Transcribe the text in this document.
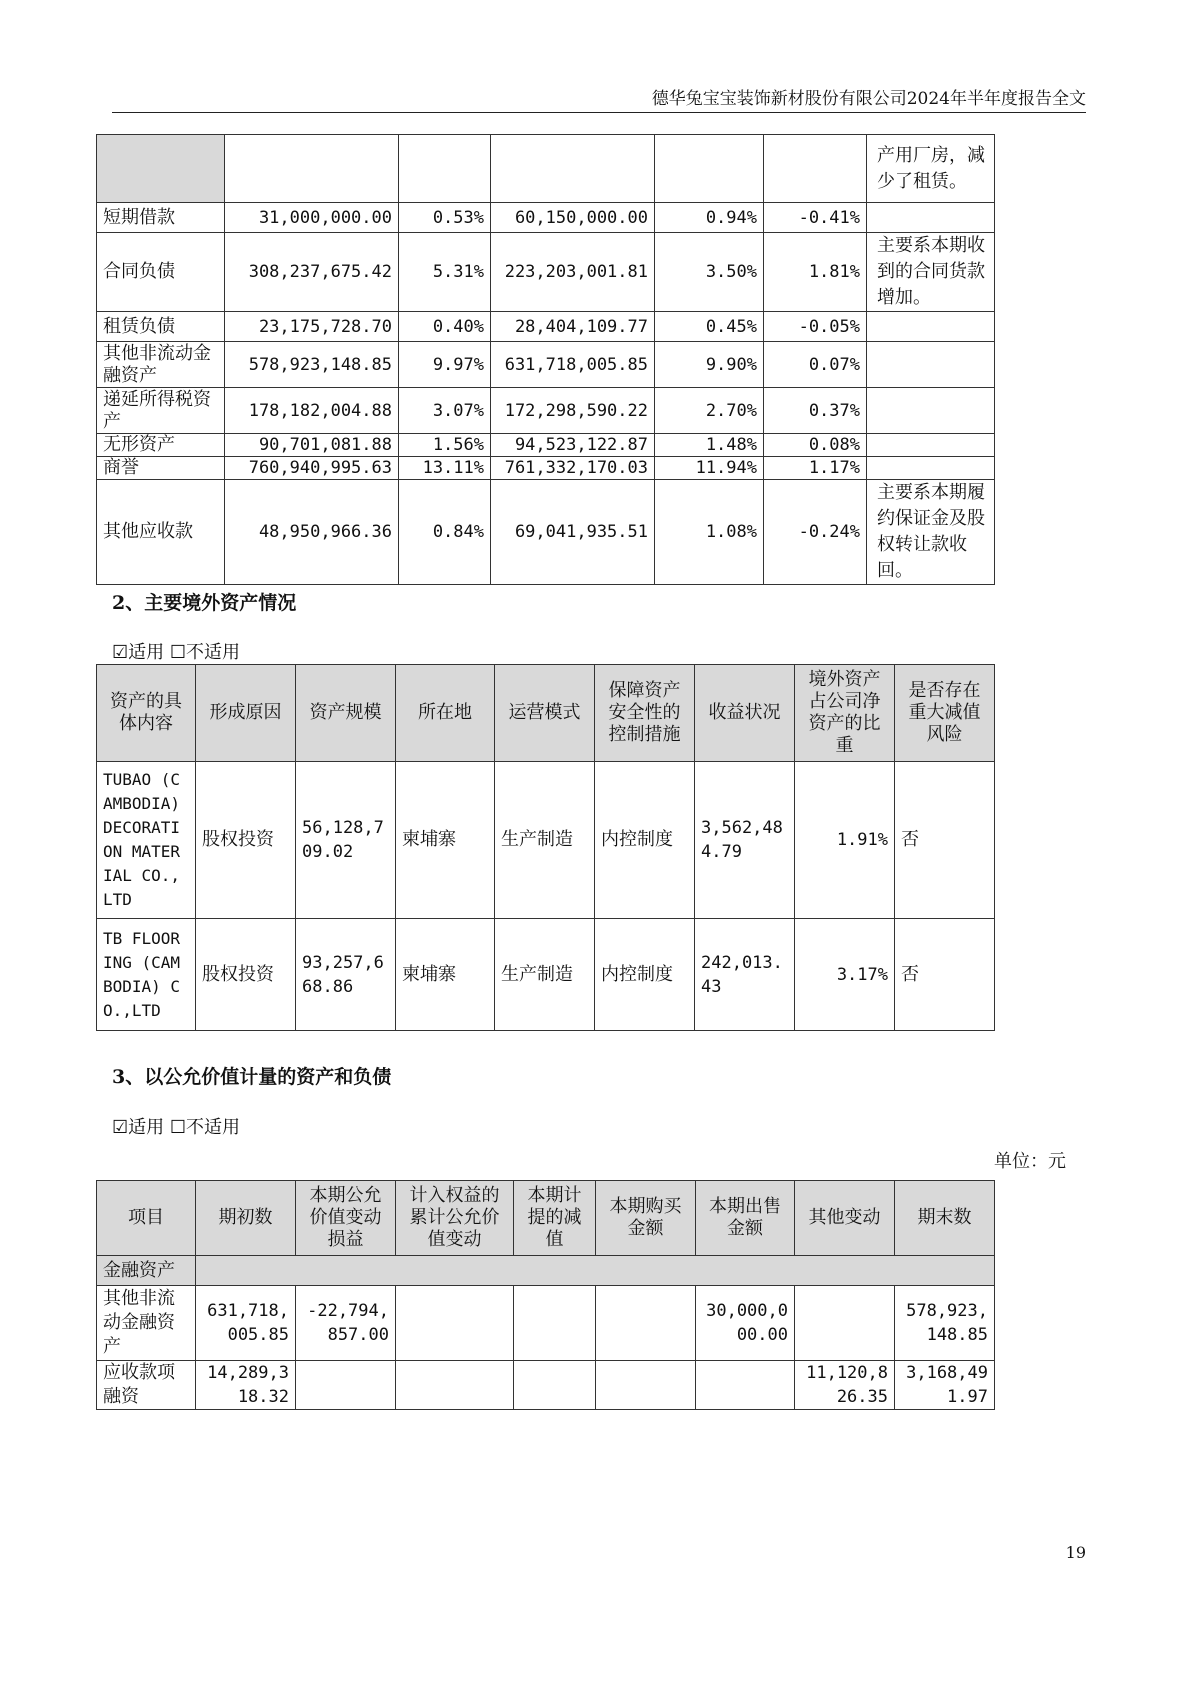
德华兔宝宝装饰新材股份有限公司2024年半年度报告全文
						产用厂房，减少了租赁。
短期借款	31,000,000.00	0.53%	60,150,000.00	0.94%	-0.41%	
合同负债	308,237,675.42	5.31%	223,203,001.81	3.50%	1.81%	主要系本期收到的合同货款增加。
租赁负债	23,175,728.70	0.40%	28,404,109.77	0.45%	-0.05%	
其他非流动金融资产	578,923,148.85	9.97%	631,718,005.85	9.90%	0.07%	
递延所得税资产	178,182,004.88	3.07%	172,298,590.22	2.70%	0.37%	
无形资产	90,701,081.88	1.56%	94,523,122.87	1.48%	0.08%	
商誉	760,940,995.63	13.11%	761,332,170.03	11.94%	1.17%	
其他应收款	48,950,966.36	0.84%	69,041,935.51	1.08%	-0.24%	主要系本期履约保证金及股权转让款收回。
2、主要境外资产情况
☑适用 ☐不适用
资产的具体内容	形成原因	资产规模	所在地	运营模式	保障资产安全性的控制措施	收益状况	境外资产占公司净资产的比重	是否存在重大减值风险
TUBAO (CAMBODIA) DECORATION MATERIAL CO.,LTD	股权投资	56,128,709.02	柬埔寨	生产制造	内控制度	3,562,484.79	1.91%	否
TB FLOORING (CAMBODIA) CO.,LTD	股权投资	93,257,668.86	柬埔寨	生产制造	内控制度	242,013.43	3.17%	否
3、以公允价值计量的资产和负债
☑适用 ☐不适用
单位：元
项目	期初数	本期公允价值变动损益	计入权益的累计公允价值变动	本期计提的减值	本期购买金额	本期出售金额	其他变动	期末数
金融资产								
其他非流动金融资产	631,718,005.85	-22,794,857.00				30,000,000.00		578,923,148.85
应收款项融资	14,289,318.32						11,120,826.35	3,168,491.97
19
